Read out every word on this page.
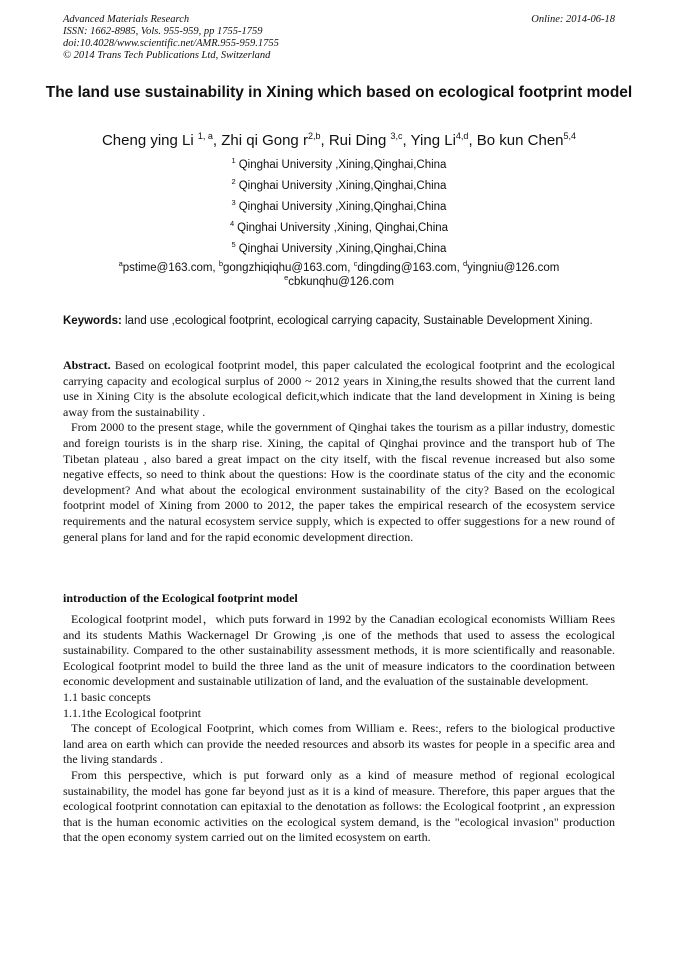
Advanced Materials Research
ISSN: 1662-8985, Vols. 955-959, pp 1755-1759
doi:10.4028/www.scientific.net/AMR.955-959.1755
© 2014 Trans Tech Publications Ltd, Switzerland
Online: 2014-06-18
The land use sustainability in Xining which based on ecological footprint model
Cheng ying Li $^{1, a}$, Zhi qi Gong $r^{2,b}$, Rui Ding $^{3,c}$, Ying Li$^{4,d}$, Bo kun Chen$^{5,4}$
$^1$ Qinghai University ,Xining,Qinghai,China
$^2$ Qinghai University ,Xining,Qinghai,China
$^3$ Qinghai University ,Xining,Qinghai,China
$^4$ Qinghai University ,Xining, Qinghai,China
$^5$ Qinghai University ,Xining,Qinghai,China
$^a$pstime@163.com, $^b$gongzhiqiqhu@163.com, $^c$dingding@163.com, $^d$yingniu@126.com
$^e$cbkunqhu@126.com
Keywords: land use ,ecological footprint, ecological carrying capacity, Sustainable Development Xining.

Abstract. Based on ecological footprint model, this paper calculated the ecological footprint and the ecological carrying capacity and ecological surplus of 2000 ~ 2012 years in Xining,the results showed that the current land use in Xining City is the absolute ecological deficit,which indicate that the land development in Xining is being away from the sustainability .

From 2000 to the present stage, while the government of Qinghai takes the tourism as a pillar industry, domestic and foreign tourists is in the sharp rise. Xining, the capital of Qinghai province and the transport hub of The Tibetan plateau , also bared a great impact on the city itself, with the fiscal revenue increased but also some negative effects, so need to think about the questions: How is the coordinate status of the city and the economic development? And what about the ecological environment sustainability of the city? Based on the ecological footprint model of Xining from 2000 to 2012, the paper takes the empirical research of the ecosystem service requirements and the natural ecosystem service supply, which is expected to offer suggestions for a new round of general plans for land and for the rapid economic development direction.

introduction of the Ecological footprint model

Ecological footprint model，which puts forward in 1992 by the Canadian ecological economists William Rees and its students Mathis Wackernagel Dr Growing ,is one of the methods that used to assess the ecological sustainability. Compared to the other sustainability assessment methods, it is more scientifically and reasonable. Ecological footprint model to build the three land as the unit of measure indicators to the coordination between economic development and sustainable utilization of land, and the evaluation of the sustainable development.

1.1 basic concepts

1.1.1the Ecological footprint

The concept of Ecological Footprint, which comes from William e. Rees:, refers to the biological productive land area on earth which can provide the needed resources and absorb its wastes for people in a specific area and the living standards .

From this perspective, which is put forward only as a kind of measure method of regional ecological sustainability, the model has gone far beyond just as it is a kind of measure. Therefore, this paper argues that the ecological footprint connotation can epitaxial to the denotation as follows: the Ecological footprint , an expression that is the human economic activities on the ecological system demand, is the "ecological invasion" production that the open economy system carried out on the limited ecosystem on earth.
